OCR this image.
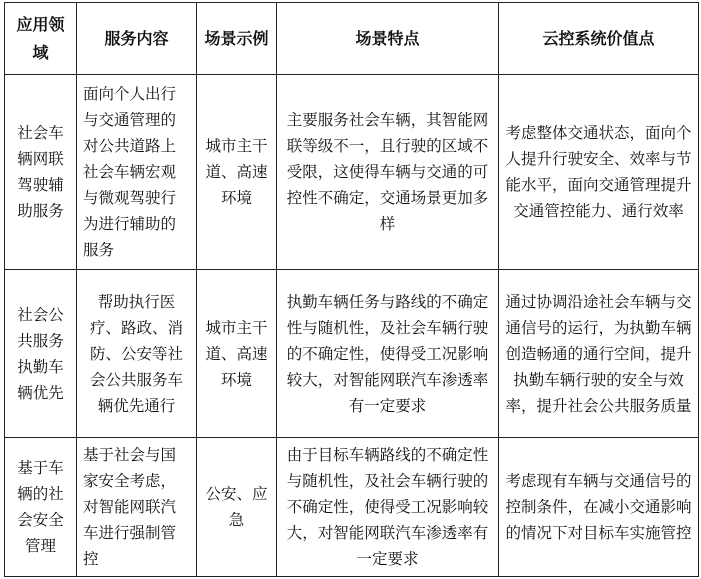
应用领域	服务内容	场景示例	场景特点	云控系统价值点
社会车辆网联驾驶辅助服务	面向个人出行与交通管理的对公共道路上社会车辆宏观与微观驾驶行为进行辅助的服务	城市主干道、高速环境	主要服务社会车辆，其智能网联等级不一，且行驶的区域不受限，这使得车辆与交通的可控性不确定，交通场景更加多样	考虑整体交通状态，面向个人提升行驶安全、效率与节能水平，面向交通管理提升交通管控能力、通行效率
社会公共服务执勤车辆优先	帮助执行医疗、路政、消防、公安等社会公共服务车辆优先通行	城市主干道、高速环境	执勤车辆任务与路线的不确定性与随机性，及社会车辆行驶的不确定性，使得受工况影响较大，对智能网联汽车渗透率有一定要求	通过协调沿途社会车辆与交通信号的运行，为执勤车辆创造畅通的通行空间，提升执勤车辆行驶的安全与效率，提升社会公共服务质量
基于车辆的社会安全管理	基于社会与国家安全考虑，对智能网联汽车进行强制管控	公安、应急	由于目标车辆路线的不确定性与随机性，及社会车辆行驶的不确定性，使得受工况影响较大，对智能网联汽车渗透率有一定要求	考虑现有车辆与交通信号的控制条件，在减小交通影响的情况下对目标车实施管控
